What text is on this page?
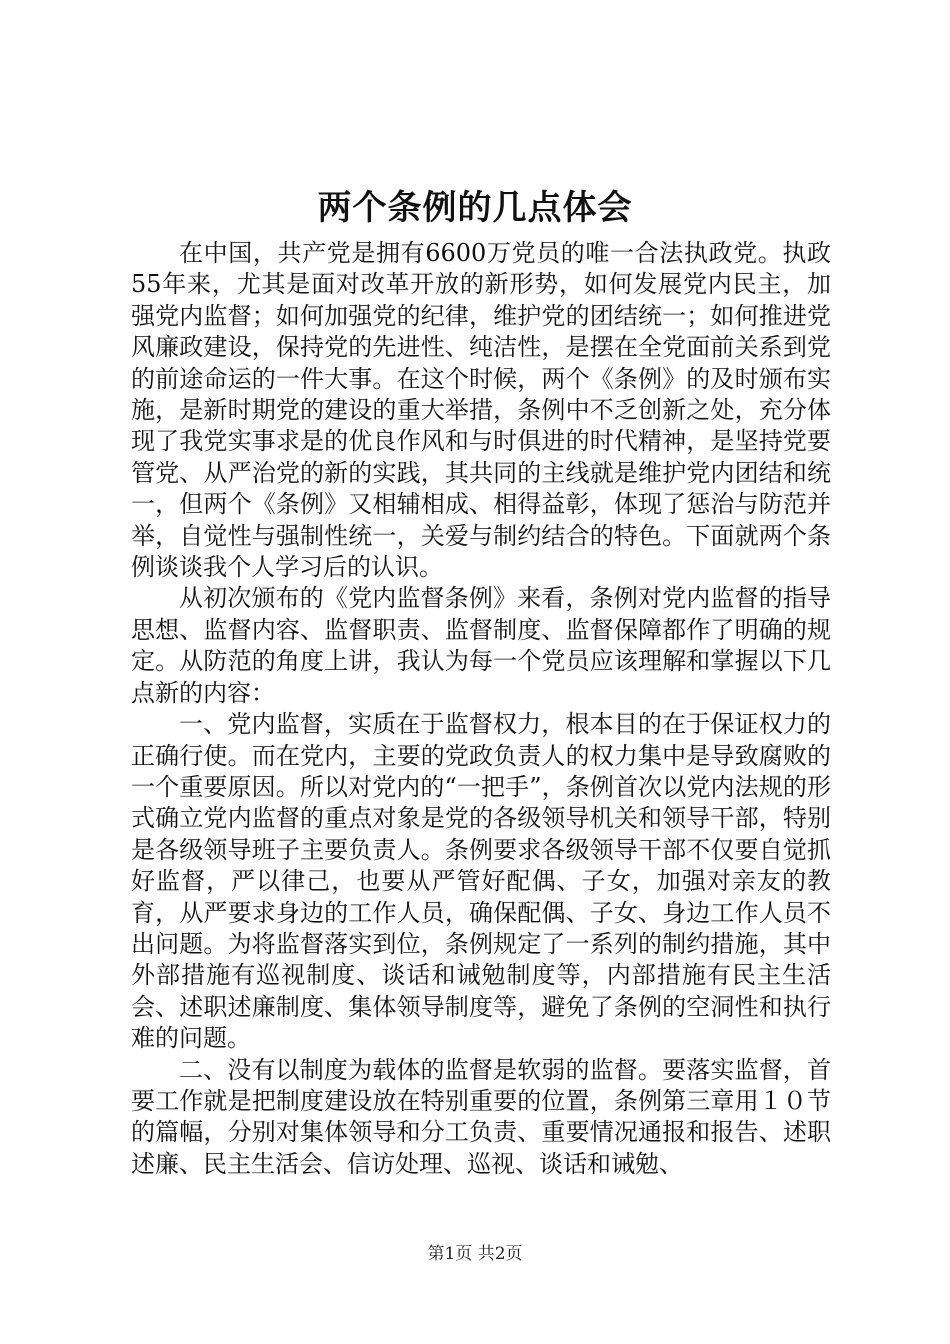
两个条例的几点体会

在中国，共产党是拥有6600万党员的唯一合法执政党。执政55年来，尤其是面对改革开放的新形势，如何发展党内民主，加强党内监督；如何加强党的纪律，维护党的团结统一；如何推进党风廉政建设，保持党的先进性、纯洁性，是摆在全党面前关系到党的前途命运的一件大事。在这个时候，两个《条例》的及时颁布实施，是新时期党的建设的重大举措，条例中不乏创新之处，充分体现了我党实事求是的优良作风和与时俱进的时代精神，是坚持党要管党、从严治党的新的实践，其共同的主线就是维护党内团结和统一，但两个《条例》又相辅相成、相得益彰，体现了惩治与防范并举，自觉性与强制性统一，关爱与制约结合的特色。下面就两个条例谈谈我个人学习后的认识。

从初次颁布的《党内监督条例》来看，条例对党内监督的指导思想、监督内容、监督职责、监督制度、监督保障都作了明确的规定。从防范的角度上讲，我认为每一个党员应该理解和掌握以下几点新的内容：

一、党内监督，实质在于监督权力，根本目的在于保证权力的正确行使。而在党内，主要的党政负责人的权力集中是导致腐败的一个重要原因。所以对党内的“一把手”，条例首次以党内法规的形式确立党内监督的重点对象是党的各级领导机关和领导干部，特别是各级领导班子主要负责人。条例要求各级领导干部不仅要自觉抓好监督，严以律己，也要从严管好配偶、子女，加强对亲友的教育，从严要求身边的工作人员，确保配偶、子女、身边工作人员不出问题。为将监督落实到位，条例规定了一系列的制约措施，其中外部措施有巡视制度、谈话和诫勉制度等，内部措施有民主生活会、述职述廉制度、集体领导制度等，避免了条例的空洞性和执行难的问题。

二、没有以制度为载体的监督是软弱的监督。要落实监督，首要工作就是把制度建设放在特别重要的位置，条例第三章用１０节的篇幅，分别对集体领导和分工负责、重要情况通报和报告、述职述廉、民主生活会、信访处理、巡视、谈话和诫勉、

第1页 共2页
